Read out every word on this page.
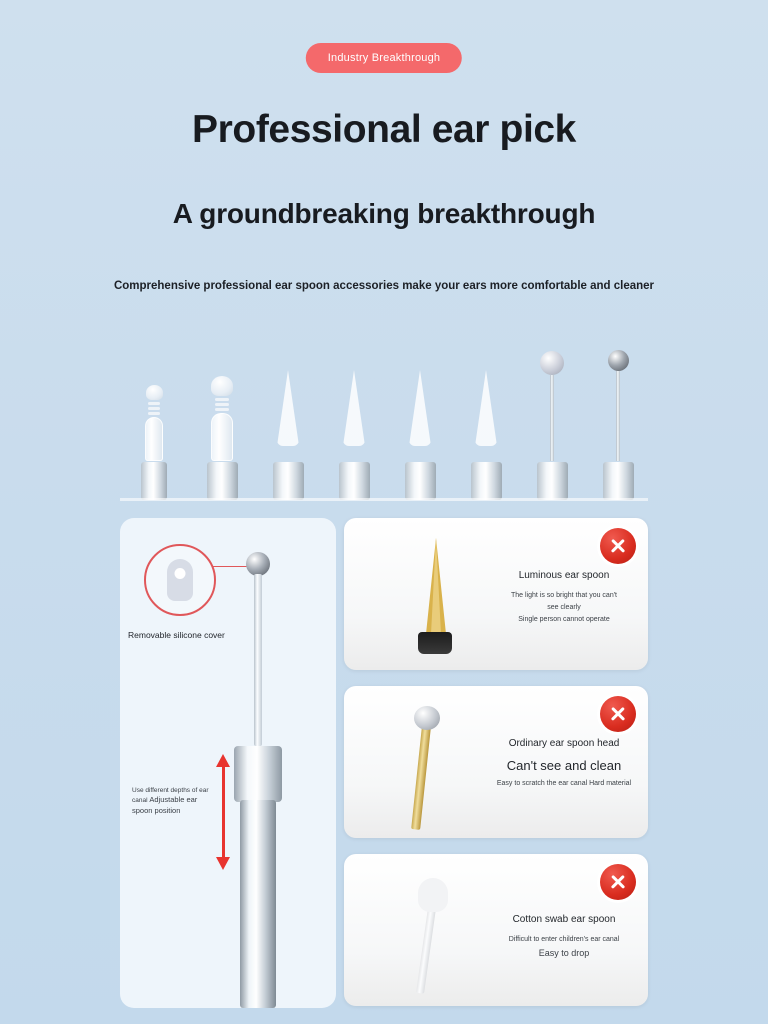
Industry Breakthrough
Professional ear pick
A groundbreaking breakthrough
Comprehensive professional ear spoon accessories make your ears more comfortable and cleaner
Removable silicone cover
Use different depths of ear canal Adjustable ear spoon position
Luminous ear spoon
The light is so bright that you can't
see clearly
Single person cannot operate
Ordinary ear spoon head
Can't see and clean
Easy to scratch the ear canal Hard material
Cotton swab ear spoon
Difficult to enter children's ear canal
Easy to drop
